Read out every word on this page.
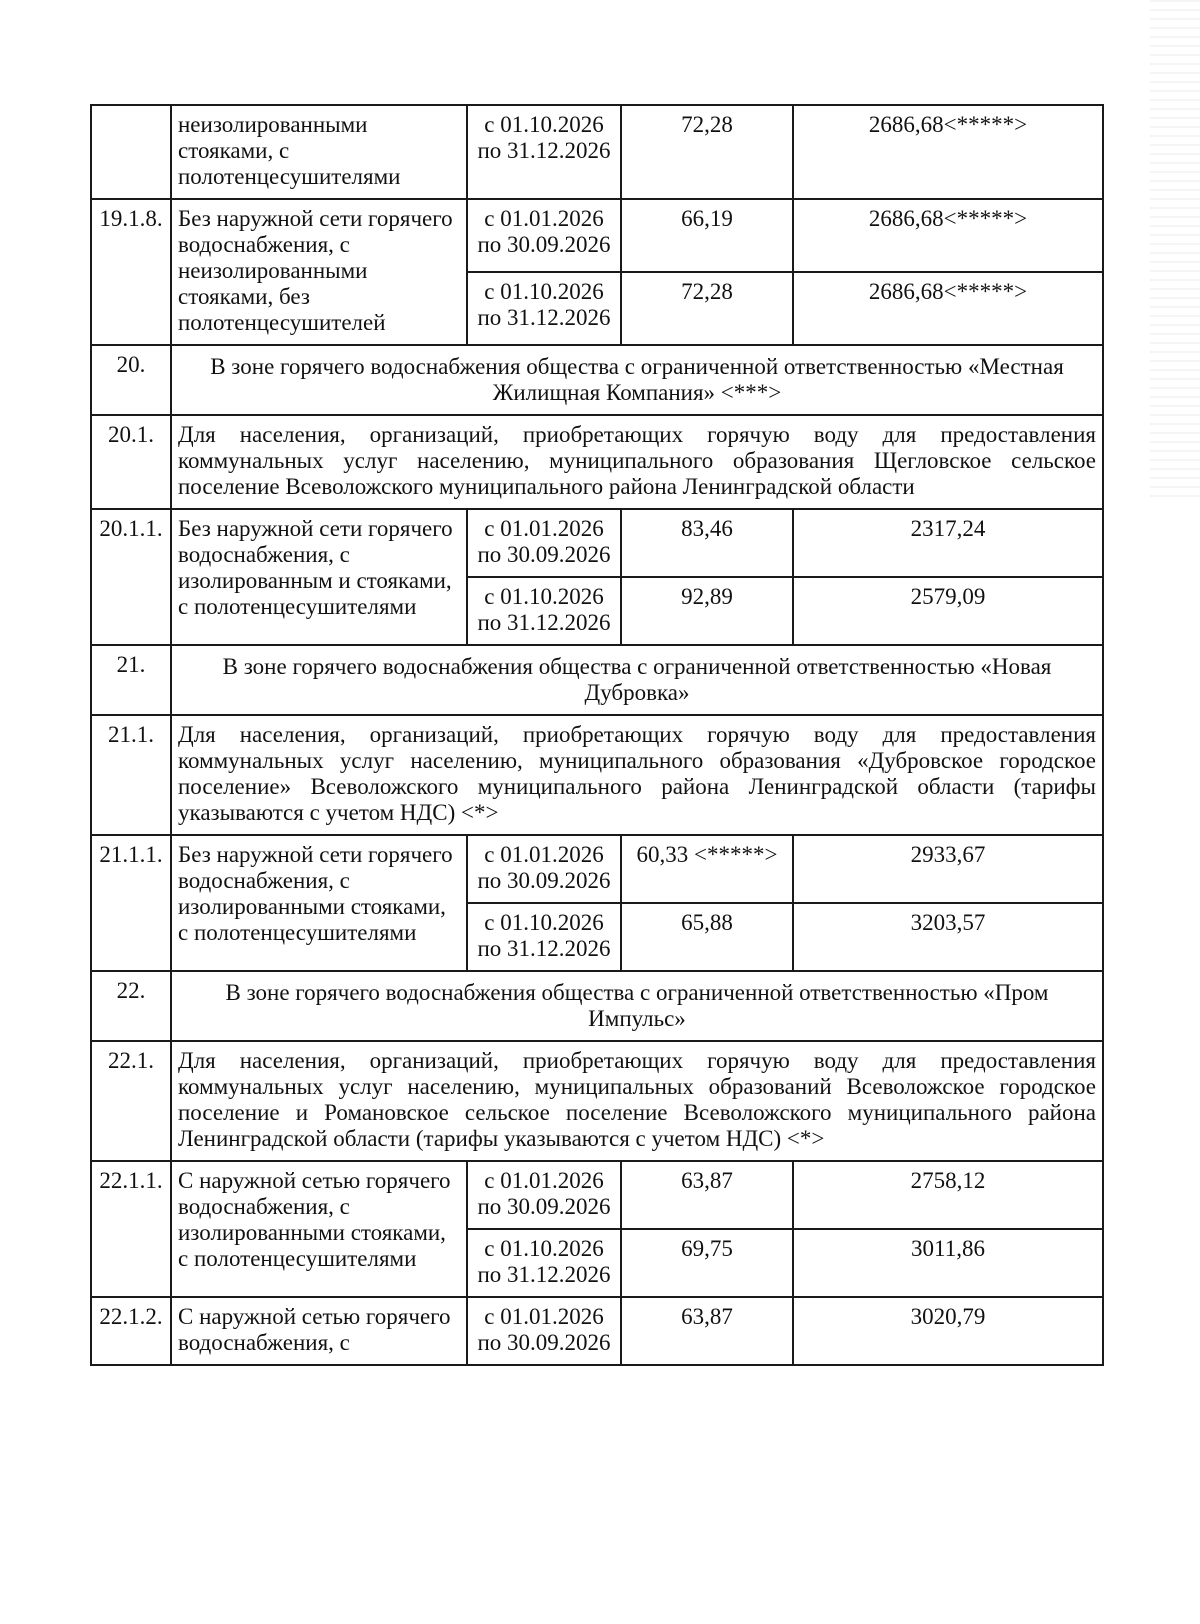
	неизолированными
стояками, с
полотенцесушителями	с 01.10.2026
по 31.12.2026	72,28	2686,68<*****>
19.1.8.	Без наружной сети горячего
водоснабжения, с
неизолированными
стояками, без
полотенцесушителей	с 01.01.2026
по 30.09.2026	66,19	2686,68<*****>

		с 01.10.2026
по 31.12.2026	72,28	2686,68<*****>
20.	В зоне горячего водоснабжения общества с ограниченной ответственностью «Местная Жилищная Компания» <***>			
20.1.	Для населения, организаций, приобретающих горячую воду для предоставления коммунальных услуг населению, муниципального образования Щегловское сельское поселение Всеволожского муниципального района Ленинградской области			
20.1.1.	Без наружной сети горячего
водоснабжения, с
изолированным и стояками,
с полотенцесушителями	с 01.01.2026
по 30.09.2026	83,46	2317,24

		с 01.10.2026
по 31.12.2026	92,89	2579,09
21.	В зоне горячего водоснабжения общества с ограниченной ответственностью «Новая Дубровка»			
21.1.	Для населения, организаций, приобретающих горячую воду для предоставления коммунальных услуг населению, муниципального образования «Дубровское городское поселение» Всеволожского муниципального района Ленинградской области (тарифы указываются с учетом НДС) <*>			
21.1.1.	Без наружной сети горячего
водоснабжения, с
изолированными стояками,
с полотенцесушителями	с 01.01.2026
по 30.09.2026	60,33 <*****>	2933,67

		с 01.10.2026
по 31.12.2026	65,88	3203,57
22.	В зоне горячего водоснабжения общества с ограниченной ответственностью «Пром Импульс»			
22.1.	Для населения, организаций, приобретающих горячую воду для предоставления коммунальных услуг населению, муниципальных образований Всеволожское городское поселение и Романовское сельское поселение Всеволожского муниципального района Ленинградской области (тарифы указываются с учетом НДС) <*>			
22.1.1.	С наружной сетью горячего
водоснабжения, с
изолированными стояками,
с полотенцесушителями	с 01.01.2026
по 30.09.2026	63,87	2758,12

		с 01.10.2026
по 31.12.2026	69,75	3011,86
22.1.2.	С наружной сетью горячего
водоснабжения, с	с 01.01.2026
по 30.09.2026	63,87	3020,79
